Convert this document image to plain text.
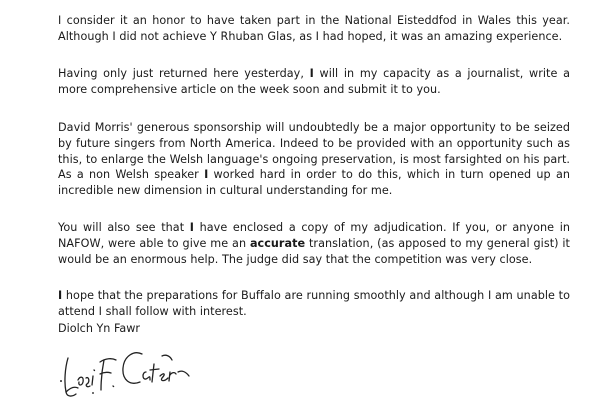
I consider it an honor to have taken part in the National Eisteddfod in Wales this year. Although I did not achieve Y Rhuban Glas, as I had hoped, it was an amazing experience.

Having only just returned here yesterday, I will in my capacity as a journalist, write a more comprehensive article on the week soon and submit it to you.

David Morris' generous sponsorship will undoubtedly be a major opportunity to be seized by future singers from North America. Indeed to be provided with an opportunity such as this, to enlarge the Welsh language's ongoing preservation, is most farsighted on his part. As a non Welsh speaker I worked hard in order to do this, which in turn opened up an incredible new dimension in cultural understanding for me.

You will also see that I have enclosed a copy of my adjudication. If you, or anyone in NAFOW, were able to give me an accurate translation, (as apposed to my general gist) it would be an enormous help. The judge did say that the competition was very close.

I hope that the preparations for Buffalo are running smoothly and although I am unable to attend I shall follow with interest.

Diolch Yn Fawr
